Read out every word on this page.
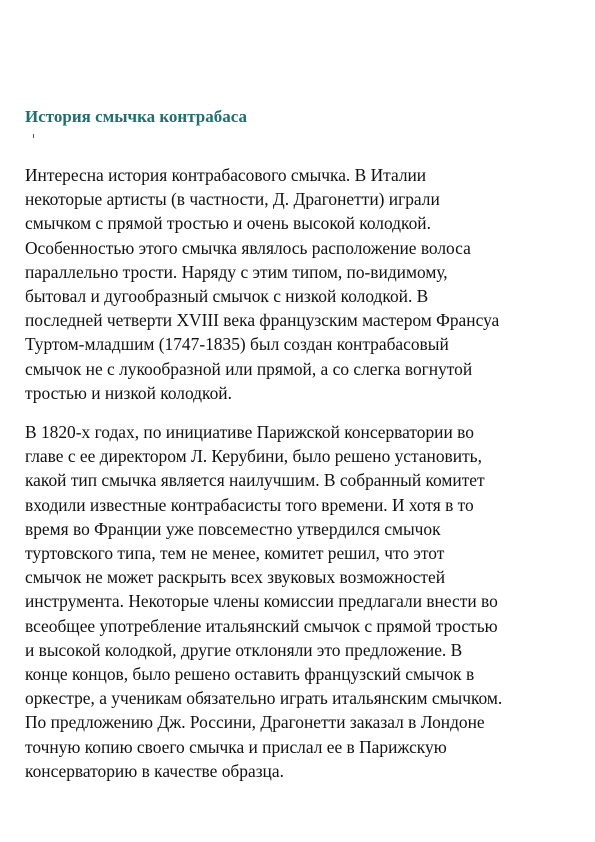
История смычка контрабаса

Интересна история контрабасового смычка. В Италии
некоторые артисты (в частности, Д. Драгонетти) играли
смычком с прямой тростью и очень высокой колодкой.
Особенностью этого смычка являлось расположение волоса
параллельно трости. Наряду с этим типом, по-видимому,
бытовал и дугообразный смычок с низкой колодкой. В
последней четверти XVIII века французским мастером Франсуа
Туртом-младшим (1747-1835) был создан контрабасовый
смычок не с лукообразной или прямой, а со слегка вогнутой
тростью и низкой колодкой.

В 1820-х годах, по инициативе Парижской консерватории во
главе с ее директором Л. Керубини, было решено установить,
какой тип смычка является наилучшим. В собранный комитет
входили известные контрабасисты того времени. И хотя в то
время во Франции уже повсеместно утвердился смычок
туртовского типа, тем не менее, комитет решил, что этот
смычок не может раскрыть всех звуковых возможностей
инструмента. Некоторые члены комиссии предлагали внести во
всеобщее употребление итальянский смычок с прямой тростью
и высокой колодкой, другие отклоняли это предложение. В
конце концов, было решено оставить французский смычок в
оркестре, а ученикам обязательно играть итальянским смычком.
По предложению Дж. Россини, Драгонетти заказал в Лондоне
точную копию своего смычка и прислал ее в Парижскую
консерваторию в качестве образца.
